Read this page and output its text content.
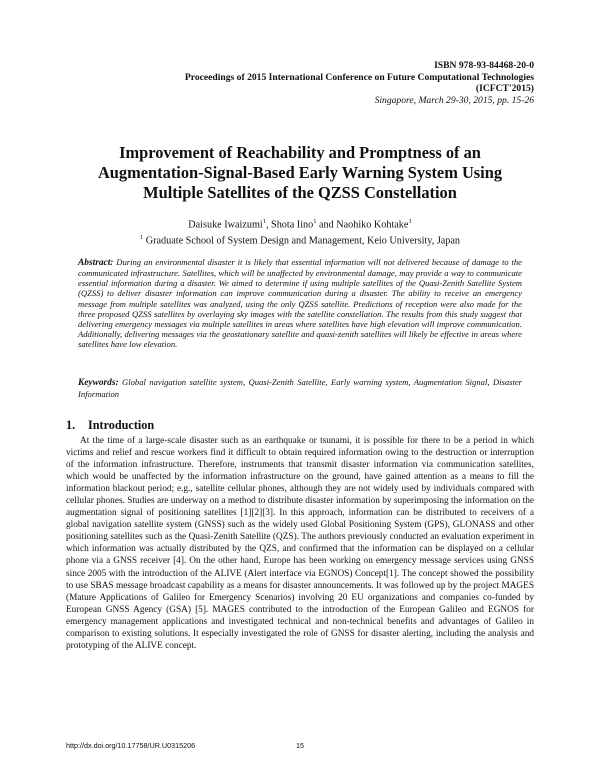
ISBN 978-93-84468-20-0
Proceedings of 2015 International Conference on Future Computational Technologies
(ICFCT'2015)
Singapore, March 29-30, 2015, pp. 15-26
Improvement of Reachability and Promptness of an Augmentation-Signal-Based Early Warning System Using Multiple Satellites of the QZSS Constellation
Daisuke Iwaizumi$^1$, Shota Iino$^1$ and Naohiko Kohtake$^1$
$^1$ Graduate School of System Design and Management, Keio University, Japan
Abstract: During an environmental disaster it is likely that essential information will not delivered because of damage to the communicated infrastructure. Satellites, which will be unaffected by environmental damage, may provide a way to communicate essential information during a disaster. We aimed to determine if using multiple satellites of the Quasi-Zenith Satellite System (QZSS) to deliver disaster information can improve communication during a disaster. The ability to receive an emergency message from multiple satellites was analyzed, using the only QZSS satellite. Predictions of reception were also made for the three proposed QZSS satellites by overlaying sky images with the satellite constellation. The results from this study suggest that delivering emergency messages via multiple satellites in areas where satellites have high elevation will improve communication. Additionally, delivering messages via the geostationary satellite and quasi-zenith satellites will likely be effective in areas where satellites have low elevation.
Keywords: Global navigation satellite system, Quasi-Zenith Satellite, Early warning system, Augmentation Signal, Disaster Information
1. Introduction
At the time of a large-scale disaster such as an earthquake or tsunami, it is possible for there to be a period in which victims and relief and rescue workers find it difficult to obtain required information owing to the destruction or interruption of the information infrastructure. Therefore, instruments that transmit disaster information via communication satellites, which would be unaffected by the information infrastructure on the ground, have gained attention as a means to fill the information blackout period; e.g., satellite cellular phones, although they are not widely used by individuals compared with cellular phones. Studies are underway on a method to distribute disaster information by superimposing the information on the augmentation signal of positioning satellites [1][2][3]. In this approach, information can be distributed to receivers of a global navigation satellite system (GNSS) such as the widely used Global Positioning System (GPS), GLONASS and other positioning satellites such as the Quasi-Zenith Satellite (QZS). The authors previously conducted an evaluation experiment in which information was actually distributed by the QZS, and confirmed that the information can be displayed on a cellular phone via a GNSS receiver [4]. On the other hand, Europe has been working on emergency message services using GNSS since 2005 with the introduction of the ALIVE (Alert interface via EGNOS) Concept[1]. The concept showed the possibility to use SBAS message broadcast capability as a means for disaster announcements. It was followed up by the project MAGES (Mature Applications of Galileo for Emergency Scenarios) involving 20 EU organizations and companies co-funded by European GNSS Agency (GSA) [5]. MAGES contributed to the introduction of the European Galileo and EGNOS for emergency management applications and investigated technical and non-technical benefits and advantages of Galileo in comparison to existing solutions. It especially investigated the role of GNSS for disaster alerting, including the analysis and prototyping of the ALIVE concept.
http://dx.doi.org/10.17758/UR.U0315206	15
